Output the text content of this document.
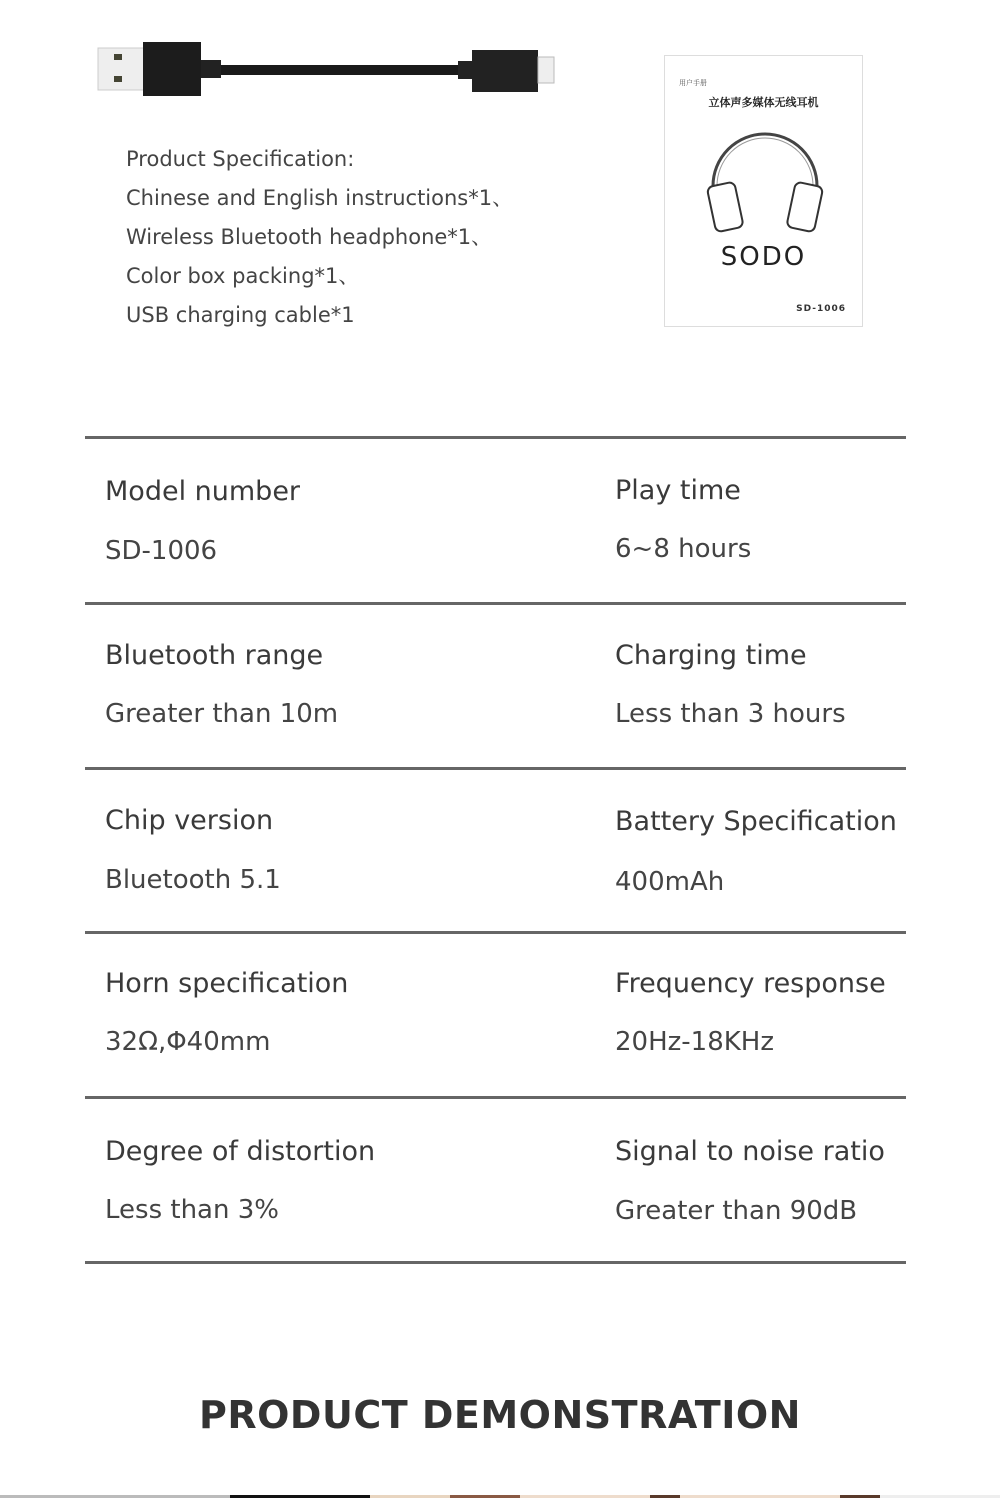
Product Specification:
Chinese and English instructions*1、
Wireless Bluetooth headphone*1、
Color box packing*1、
USB charging cable*1
用户手册
立体声多媒体无线耳机
SODO
SD-1006
Model number
SD-1006
Play time
6~8 hours
Bluetooth range
Greater than 10m
Charging time
Less than 3 hours
Chip version
Bluetooth 5.1
Battery Specification
400mAh
Horn specification
32Ω,Φ40mm
Frequency response
20Hz-18KHz
Degree of distortion
Less than 3%
Signal to noise ratio
Greater than 90dB
PRODUCT DEMONSTRATION
